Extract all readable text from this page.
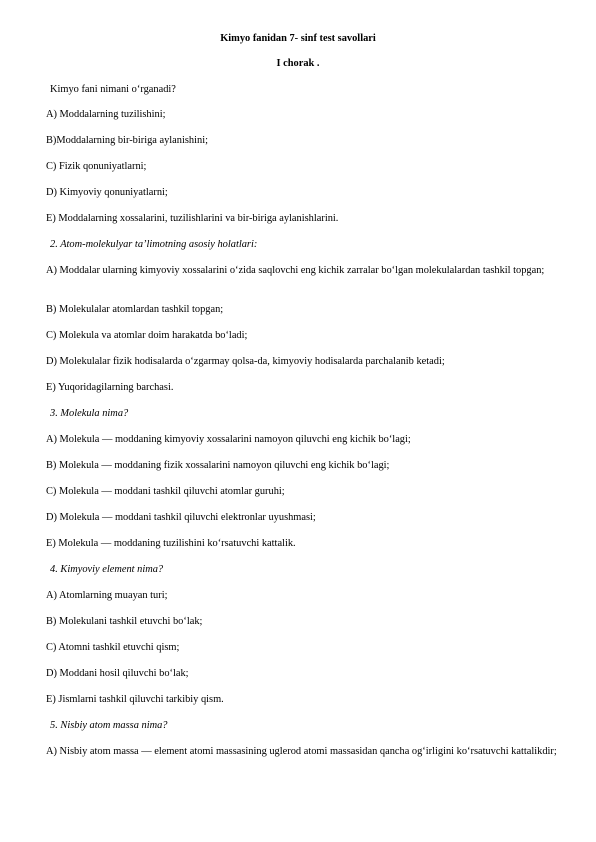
Kimyo fanidan 7- sinf test savollari
I chorak .
Kimyo fani nimani o‘rganadi?
A) Moddalarning tuzilishini;
B)Moddalarning bir-biriga aylanishini;
C) Fizik qonuniyatlarni;
D) Kimyoviy qonuniyatlarni;
E) Moddalarning xossalarini, tuzilishlarini va bir-biriga aylanishlarini.
2. Atom-molekulyar ta’limotning asosiy holatlari:
A) Moddalar ularning kimyoviy xossalarini o‘zida saqlovchi eng kichik zarralar bo‘lgan molekulalardan tashkil topgan;
B) Molekulalar atomlardan tashkil topgan;
C) Molekula va atomlar doim harakatda bo‘ladi;
D) Molekulalar fizik hodisalarda o‘zgarmay qolsa-da, kimyoviy hodisalarda parchalanib ketadi;
E) Yuqoridagilarning barchasi.
3. Molekula nima?
A) Molekula — moddaning kimyoviy xossalarini namoyon qiluvchi eng kichik bo‘lagi;
B) Molekula — moddaning fizik xossalarini namoyon qiluvchi eng kichik bo‘lagi;
C) Molekula — moddani tashkil qiluvchi atomlar guruhi;
D) Molekula — moddani tashkil qiluvchi elektronlar uyushmasi;
E) Molekula — moddaning tuzilishini ko‘rsatuvchi kattalik.
4. Kimyoviy element nima?
A) Atomlarning muayan turi;
B) Molekulani tashkil etuvchi bo‘lak;
C) Atomni tashkil etuvchi qism;
D) Moddani hosil qiluvchi bo‘lak;
E) Jismlarni tashkil qiluvchi tarkibiy qism.
5. Nisbiy atom massa nima?
A) Nisbiy atom massa — element atomi massasining uglerod atomi massasidan qancha og‘irligini ko‘rsatuvchi kattalikdir;
